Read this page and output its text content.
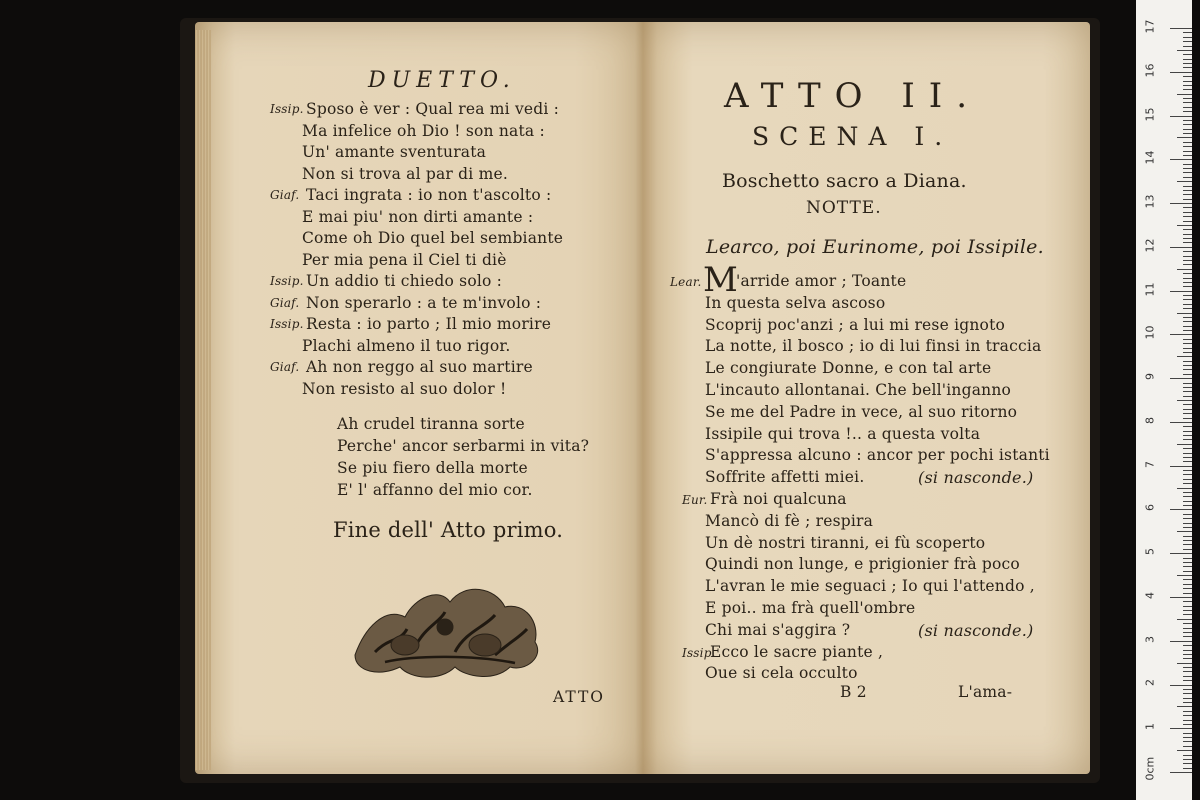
DUETTO.
Issip. Sposo è ver : Qual rea mi vedi :
Ma infelice oh Dio ! son nata :
Un' amante sventurata
Non si trova al par di me.
Giaf. Taci ingrata : io non t'ascolto :
E mai piu' non dirti amante :
Come oh Dio quel bel sembiante
Per mia pena il Ciel ti diè
Issip. Un addio ti chiedo solo :
Giaf. Non sperarlo : a te m'involo :
Issip. Resta : io parto ; Il mio morire
Plachi almeno il tuo rigor.
Giaf. Ah non reggo al suo martire
Non resisto al suo dolor !
Ah crudel tiranna sorte
Perche' ancor serbarmi in vita?
Se piu fiero della morte
E' l' affanno del mio cor.
Fine dell' Atto primo.
ATTO
ATTO II.
SCENA I.
Boschetto sacro a Diana.
NOTTE.
Learco, poi Eurinome, poi Issipile.
Lear. M
'arride amor ; Toante
In questa selva ascoso
Scoprij poc'anzi ; a lui mi rese ignoto
La notte, il bosco ; io di lui finsi in traccia
Le congiurate Donne, e con tal arte
L'incauto allontanai. Che bell'inganno
Se me del Padre in vece, al suo ritorno
Issipile qui trova !.. a questa volta
S'appressa alcuno : ancor per pochi istanti
Soffrite affetti miei.	(si nasconde.)
Eur. Frà noi qualcuna
Mancò di fè ; respira
Un dè nostri tiranni, ei fù scoperto
Quindi non lunge, e prigionier frà poco
L'avran le mie seguaci ; Io qui l'attendo ,
E poi.. ma frà quell'ombre
Chi mai s'aggira ?	(si nasconde.)
Issip.
Ecco le sacre piante ,
Oue si cela occulto
B 2	L'ama-
0cm
1
2
3
4
5
6
7
8
9
10
11
12
13
14
15
16
17
